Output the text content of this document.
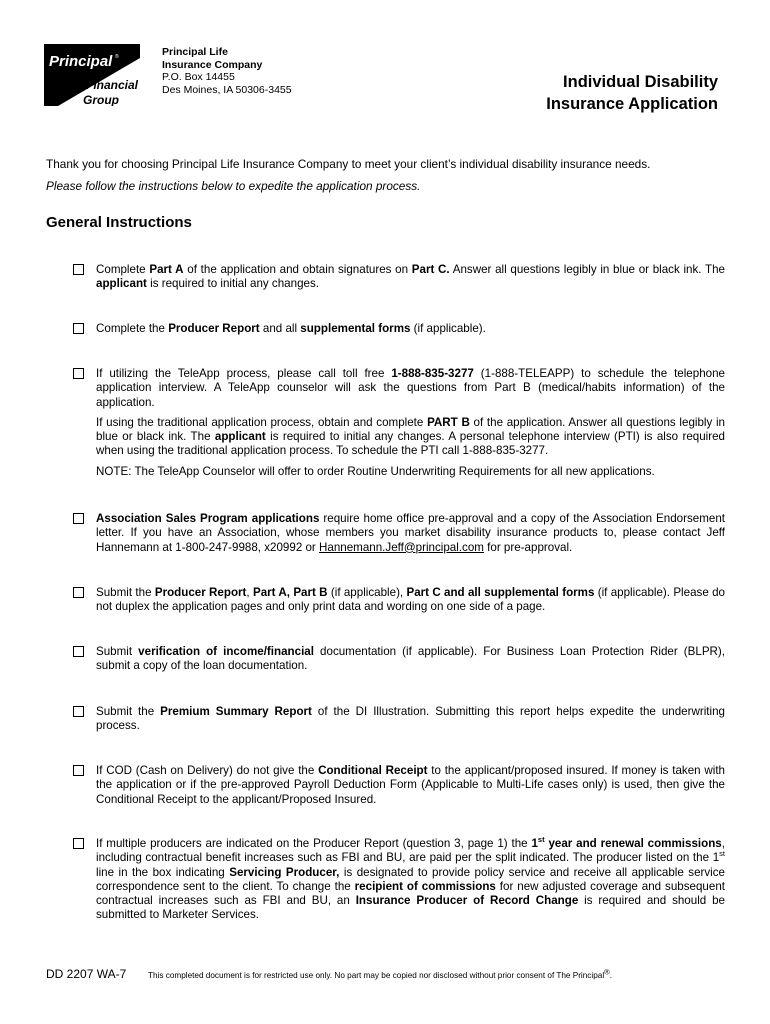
Principal ®
Financial
Group
Principal Life
Insurance Company
P.O. Box 14455
Des Moines, IA 50306-3455	Individual Disability
Insurance Application
Thank you for choosing Principal Life Insurance Company to meet your client’s individual disability insurance needs.
Please follow the instructions below to expedite the application process.
General Instructions
Complete Part A of the application and obtain signatures on Part C. Answer all questions legibly in blue or black ink. The applicant is required to initial any changes.
Complete the Producer Report and all supplemental forms (if applicable).

If utilizing the TeleApp process, please call toll free 1-888-835-3277 (1-888-TELEAPP) to schedule the telephone application interview. A TeleApp counselor will ask the questions from Part B (medical/habits information) of the application.

If using the traditional application process, obtain and complete PART B of the application. Answer all questions legibly in blue or black ink. The applicant is required to initial any changes. A personal telephone interview (PTI) is also required when using the traditional application process. To schedule the PTI call 1-888-835-3277.

NOTE: The TeleApp Counselor will offer to order Routine Underwriting Requirements for all new applications.

Association Sales Program applications require home office pre-approval and a copy of the Association Endorsement letter. If you have an Association, whose members you market disability insurance products to, please contact Jeff Hannemann at 1-800-247-9988, x20992 or Hannemann.Jeff@principal.com for pre-approval.
Submit the Producer Report, Part A, Part B (if applicable), Part C and all supplemental forms (if applicable). Please do not duplex the application pages and only print data and wording on one side of a page.
Submit verification of income/financial documentation (if applicable). For Business Loan Protection Rider (BLPR), submit a copy of the loan documentation.
Submit the Premium Summary Report of the DI Illustration. Submitting this report helps expedite the underwriting process.
If COD (Cash on Delivery) do not give the Conditional Receipt to the applicant/proposed insured. If money is taken with the application or if the pre-approved Payroll Deduction Form (Applicable to Multi-Life cases only) is used, then give the Conditional Receipt to the applicant/Proposed Insured.
If multiple producers are indicated on the Producer Report (question 3, page 1) the 1st year and renewal commissions, including contractual benefit increases such as FBI and BU, are paid per the split indicated. The producer listed on the 1st line in the box indicating Servicing Producer, is designated to provide policy service and receive all applicable service correspondence sent to the client. To change the recipient of commissions for new adjusted coverage and subsequent contractual increases such as FBI and BU, an Insurance Producer of Record Change is required and should be submitted to Marketer Services.
DD 2207 WA-7	This completed document is for restricted use only. No part may be copied nor disclosed without prior consent of The Principal®.
